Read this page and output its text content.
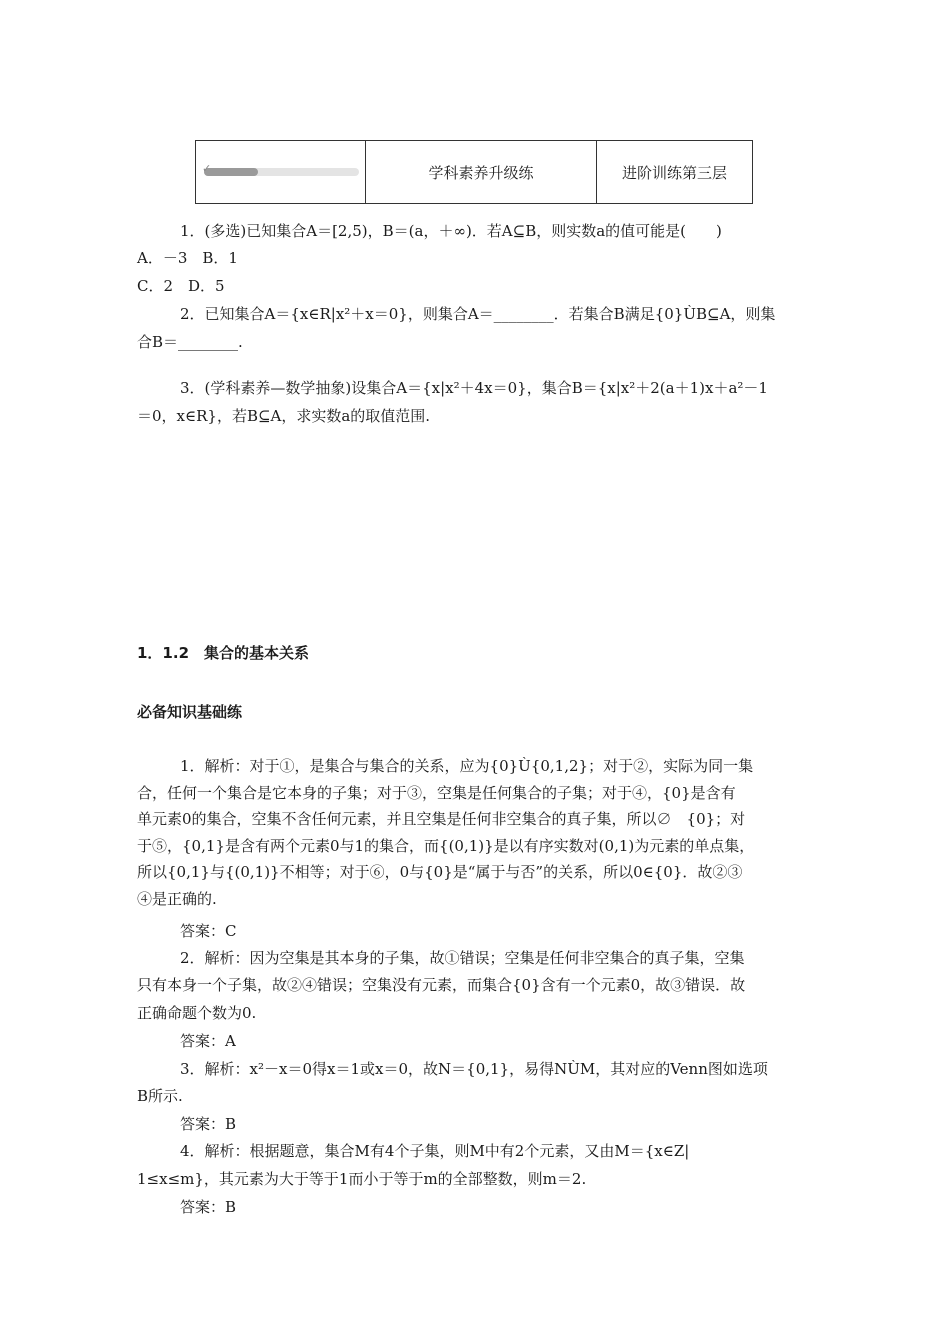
✓	学科素养升级练	进阶训练第三层
1．(多选)已知集合A＝[2,5)，B＝(a，＋∞)．若A⊆B，则实数a的值可能是(　　)
A．－3　B．1
C．2　D．5
2．已知集合A＝{x∈R|x²＋x＝0}，则集合A＝________．若集合B满足{0}ÙB⊆A，则集
合B＝________.
3．(学科素养—数学抽象)设集合A＝{x|x²＋4x＝0}，集合B＝{x|x²＋2(a＋1)x＋a²－1
＝0，x∈R}，若B⊆A，求实数a的取值范围.
1．1.2　集合的基本关系
必备知识基础练
1．解析：对于①，是集合与集合的关系，应为{0}Ù{0,1,2}；对于②，实际为同一集
合，任何一个集合是它本身的子集；对于③，空集是任何集合的子集；对于④，{0}是含有
单元素0的集合，空集不含任何元素，并且空集是任何非空集合的真子集，所以∅　{0}；对
于⑤，{0,1}是含有两个元素0与1的集合，而{(0,1)}是以有序实数对(0,1)为元素的单点集，
所以{0,1}与{(0,1)}不相等；对于⑥，0与{0}是“属于与否”的关系，所以0∈{0}．故②③
④是正确的.
答案：C
2．解析：因为空集是其本身的子集，故①错误；空集是任何非空集合的真子集，空集
只有本身一个子集，故②④错误；空集没有元素，而集合{0}含有一个元素0，故③错误．故
正确命题个数为0.
答案：A
3．解析：x²－x＝0得x＝1或x＝0，故N＝{0,1}，易得NÙM，其对应的Venn图如选项
B所示.
答案：B
4．解析：根据题意，集合M有4个子集，则M中有2个元素，又由M＝{x∈Z|
1≤x≤m}，其元素为大于等于1而小于等于m的全部整数，则m＝2.
答案：B
